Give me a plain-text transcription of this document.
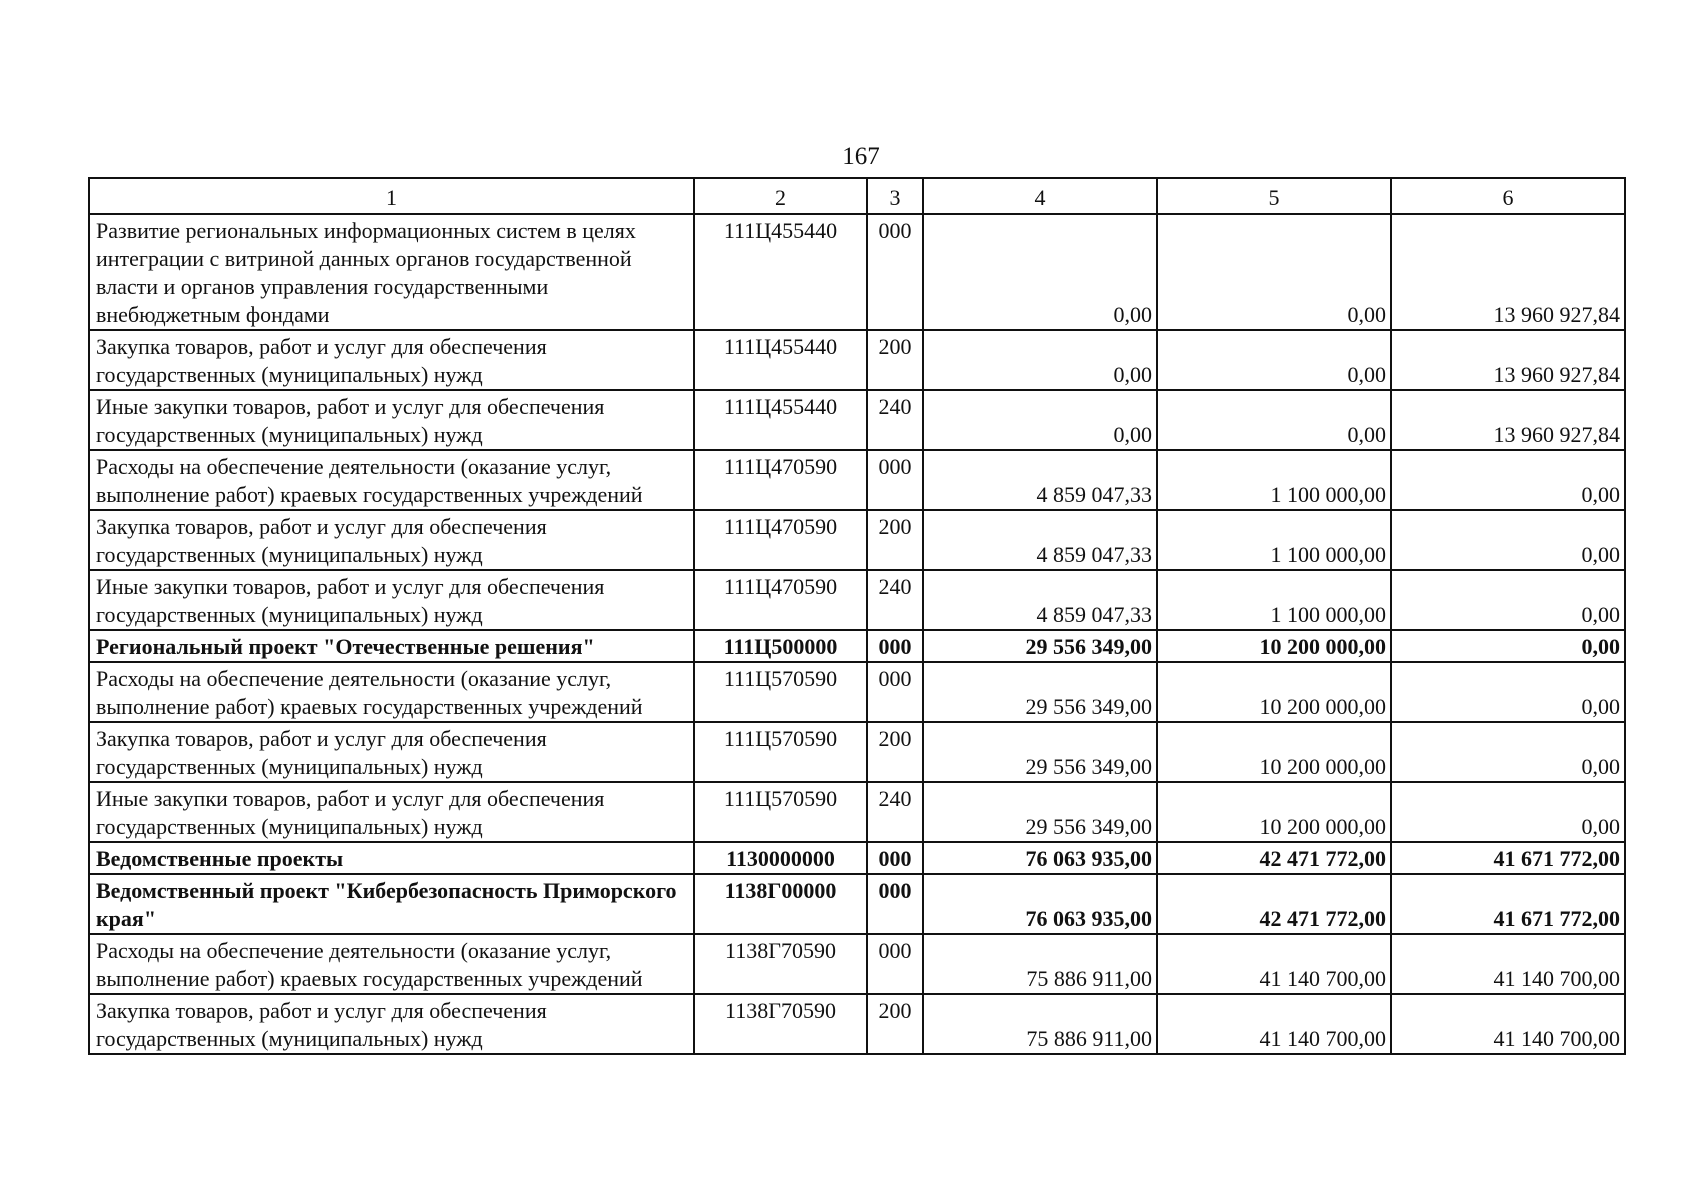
167
1	2	3	4	5	6
Развитие региональных информационных систем в целях интеграции с витриной данных органов государственной власти и органов управления государственными внебюджетным фондами	111Ц455440	000	0,00	0,00	13 960 927,84
Закупка товаров, работ и услуг для обеспечения государственных (муниципальных) нужд	111Ц455440	200	0,00	0,00	13 960 927,84
Иные закупки товаров, работ и услуг для обеспечения государственных (муниципальных) нужд	111Ц455440	240	0,00	0,00	13 960 927,84
Расходы на обеспечение деятельности (оказание услуг, выполнение работ) краевых государственных учреждений	111Ц470590	000	4 859 047,33	1 100 000,00	0,00
Закупка товаров, работ и услуг для обеспечения государственных (муниципальных) нужд	111Ц470590	200	4 859 047,33	1 100 000,00	0,00
Иные закупки товаров, работ и услуг для обеспечения государственных (муниципальных) нужд	111Ц470590	240	4 859 047,33	1 100 000,00	0,00
Региональный проект "Отечественные решения"	111Ц500000	000	29 556 349,00	10 200 000,00	0,00
Расходы на обеспечение деятельности (оказание услуг, выполнение работ) краевых государственных учреждений	111Ц570590	000	29 556 349,00	10 200 000,00	0,00
Закупка товаров, работ и услуг для обеспечения государственных (муниципальных) нужд	111Ц570590	200	29 556 349,00	10 200 000,00	0,00
Иные закупки товаров, работ и услуг для обеспечения государственных (муниципальных) нужд	111Ц570590	240	29 556 349,00	10 200 000,00	0,00
Ведомственные проекты	1130000000	000	76 063 935,00	42 471 772,00	41 671 772,00
Ведомственный проект "Кибербезопасность Приморского края"	1138Г00000	000	76 063 935,00	42 471 772,00	41 671 772,00
Расходы на обеспечение деятельности (оказание услуг, выполнение работ) краевых государственных учреждений	1138Г70590	000	75 886 911,00	41 140 700,00	41 140 700,00
Закупка товаров, работ и услуг для обеспечения государственных (муниципальных) нужд	1138Г70590	200	75 886 911,00	41 140 700,00	41 140 700,00
